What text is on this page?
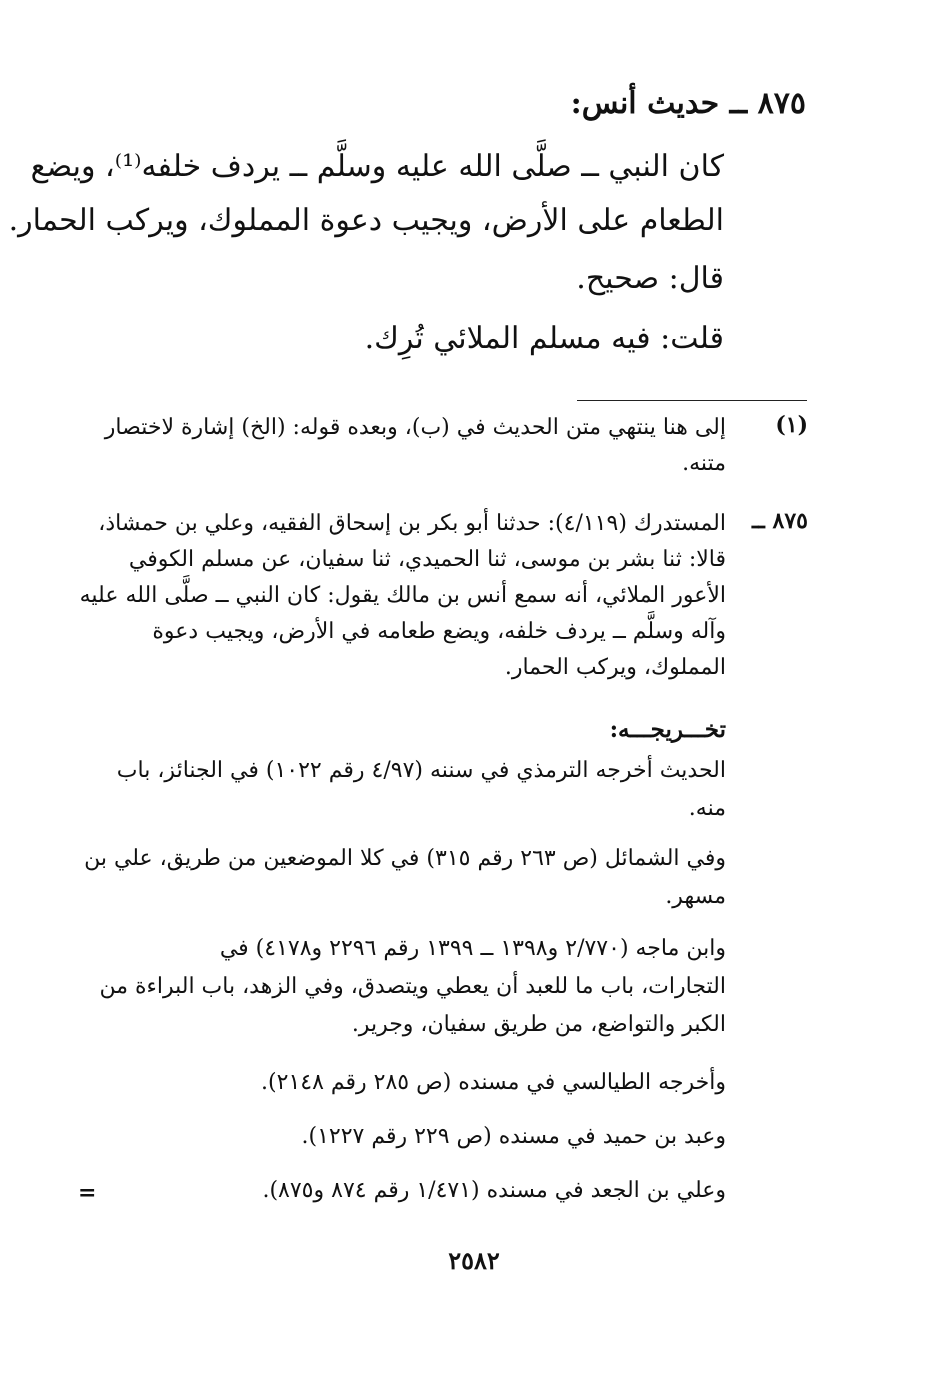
٨٧٥ ــ حديث أنس:
كان النبي ــ صلَّى الله عليه وسلَّم ــ يردف خلفه⁽¹⁾، ويضع
الطعام على الأرض، ويجيب دعوة المملوك، ويركب الحمار.
قال: صحيح.
قلت: فيه مسلم الملائي تُرِك.
(١)
إلى هنا ينتهي متن الحديث في (ب)، وبعده قوله: (الخ) إشارة لاختصار
متنه.
٨٧٥ ــ
المستدرك (٤/١١٩): حدثنا أبو بكر بن إسحاق الفقيه، وعلي بن حمشاذ،
قالا: ثنا بشر بن موسى، ثنا الحميدي، ثنا سفيان، عن مسلم الكوفي
الأعور الملائي، أنه سمع أنس بن مالك يقول: كان النبي ــ صلَّى الله عليه
وآله وسلَّم ــ يردف خلفه، ويضع طعامه في الأرض، ويجيب دعوة
المملوك، ويركب الحمار.
تخـــريجـــه:
الحديث أخرجه الترمذي في سننه (٤/٩٧ رقم ١٠٢٢) في الجنائز، باب
منه.
وفي الشمائل (ص ٢٦٣ رقم ٣١٥) في كلا الموضعين من طريق، علي بن
مسهر.
وابن ماجه (٢/٧٧٠ و١٣٩٨ ــ ١٣٩٩ رقم ٢٢٩٦ و٤١٧٨) في
التجارات، باب ما للعبد أن يعطي ويتصدق، وفي الزهد، باب البراءة من
الكبر والتواضع، من طريق سفيان، وجرير.
وأخرجه الطيالسي في مسنده (ص ٢٨٥ رقم ٢١٤٨).
وعبد بن حميد في مسنده (ص ٢٢٩ رقم ١٢٢٧).
وعلي بن الجعد في مسنده (١/٤٧١ رقم ٨٧٤ و٨٧٥).
=
٢٥٨٢
